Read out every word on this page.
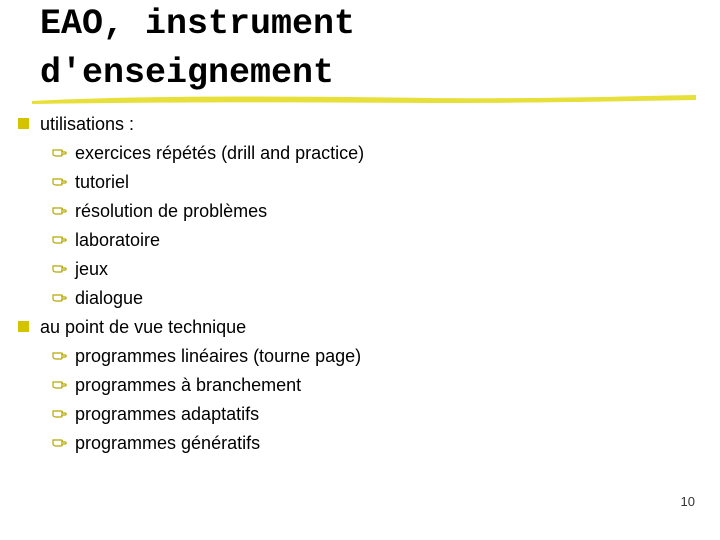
EAO, instrument
d'enseignement
utilisations :
exercices répétés (drill and practice)
tutoriel
résolution de problèmes
laboratoire
jeux
dialogue
au point de vue technique
programmes linéaires (tourne page)
programmes à branchement
programmes adaptatifs
programmes génératifs
10
